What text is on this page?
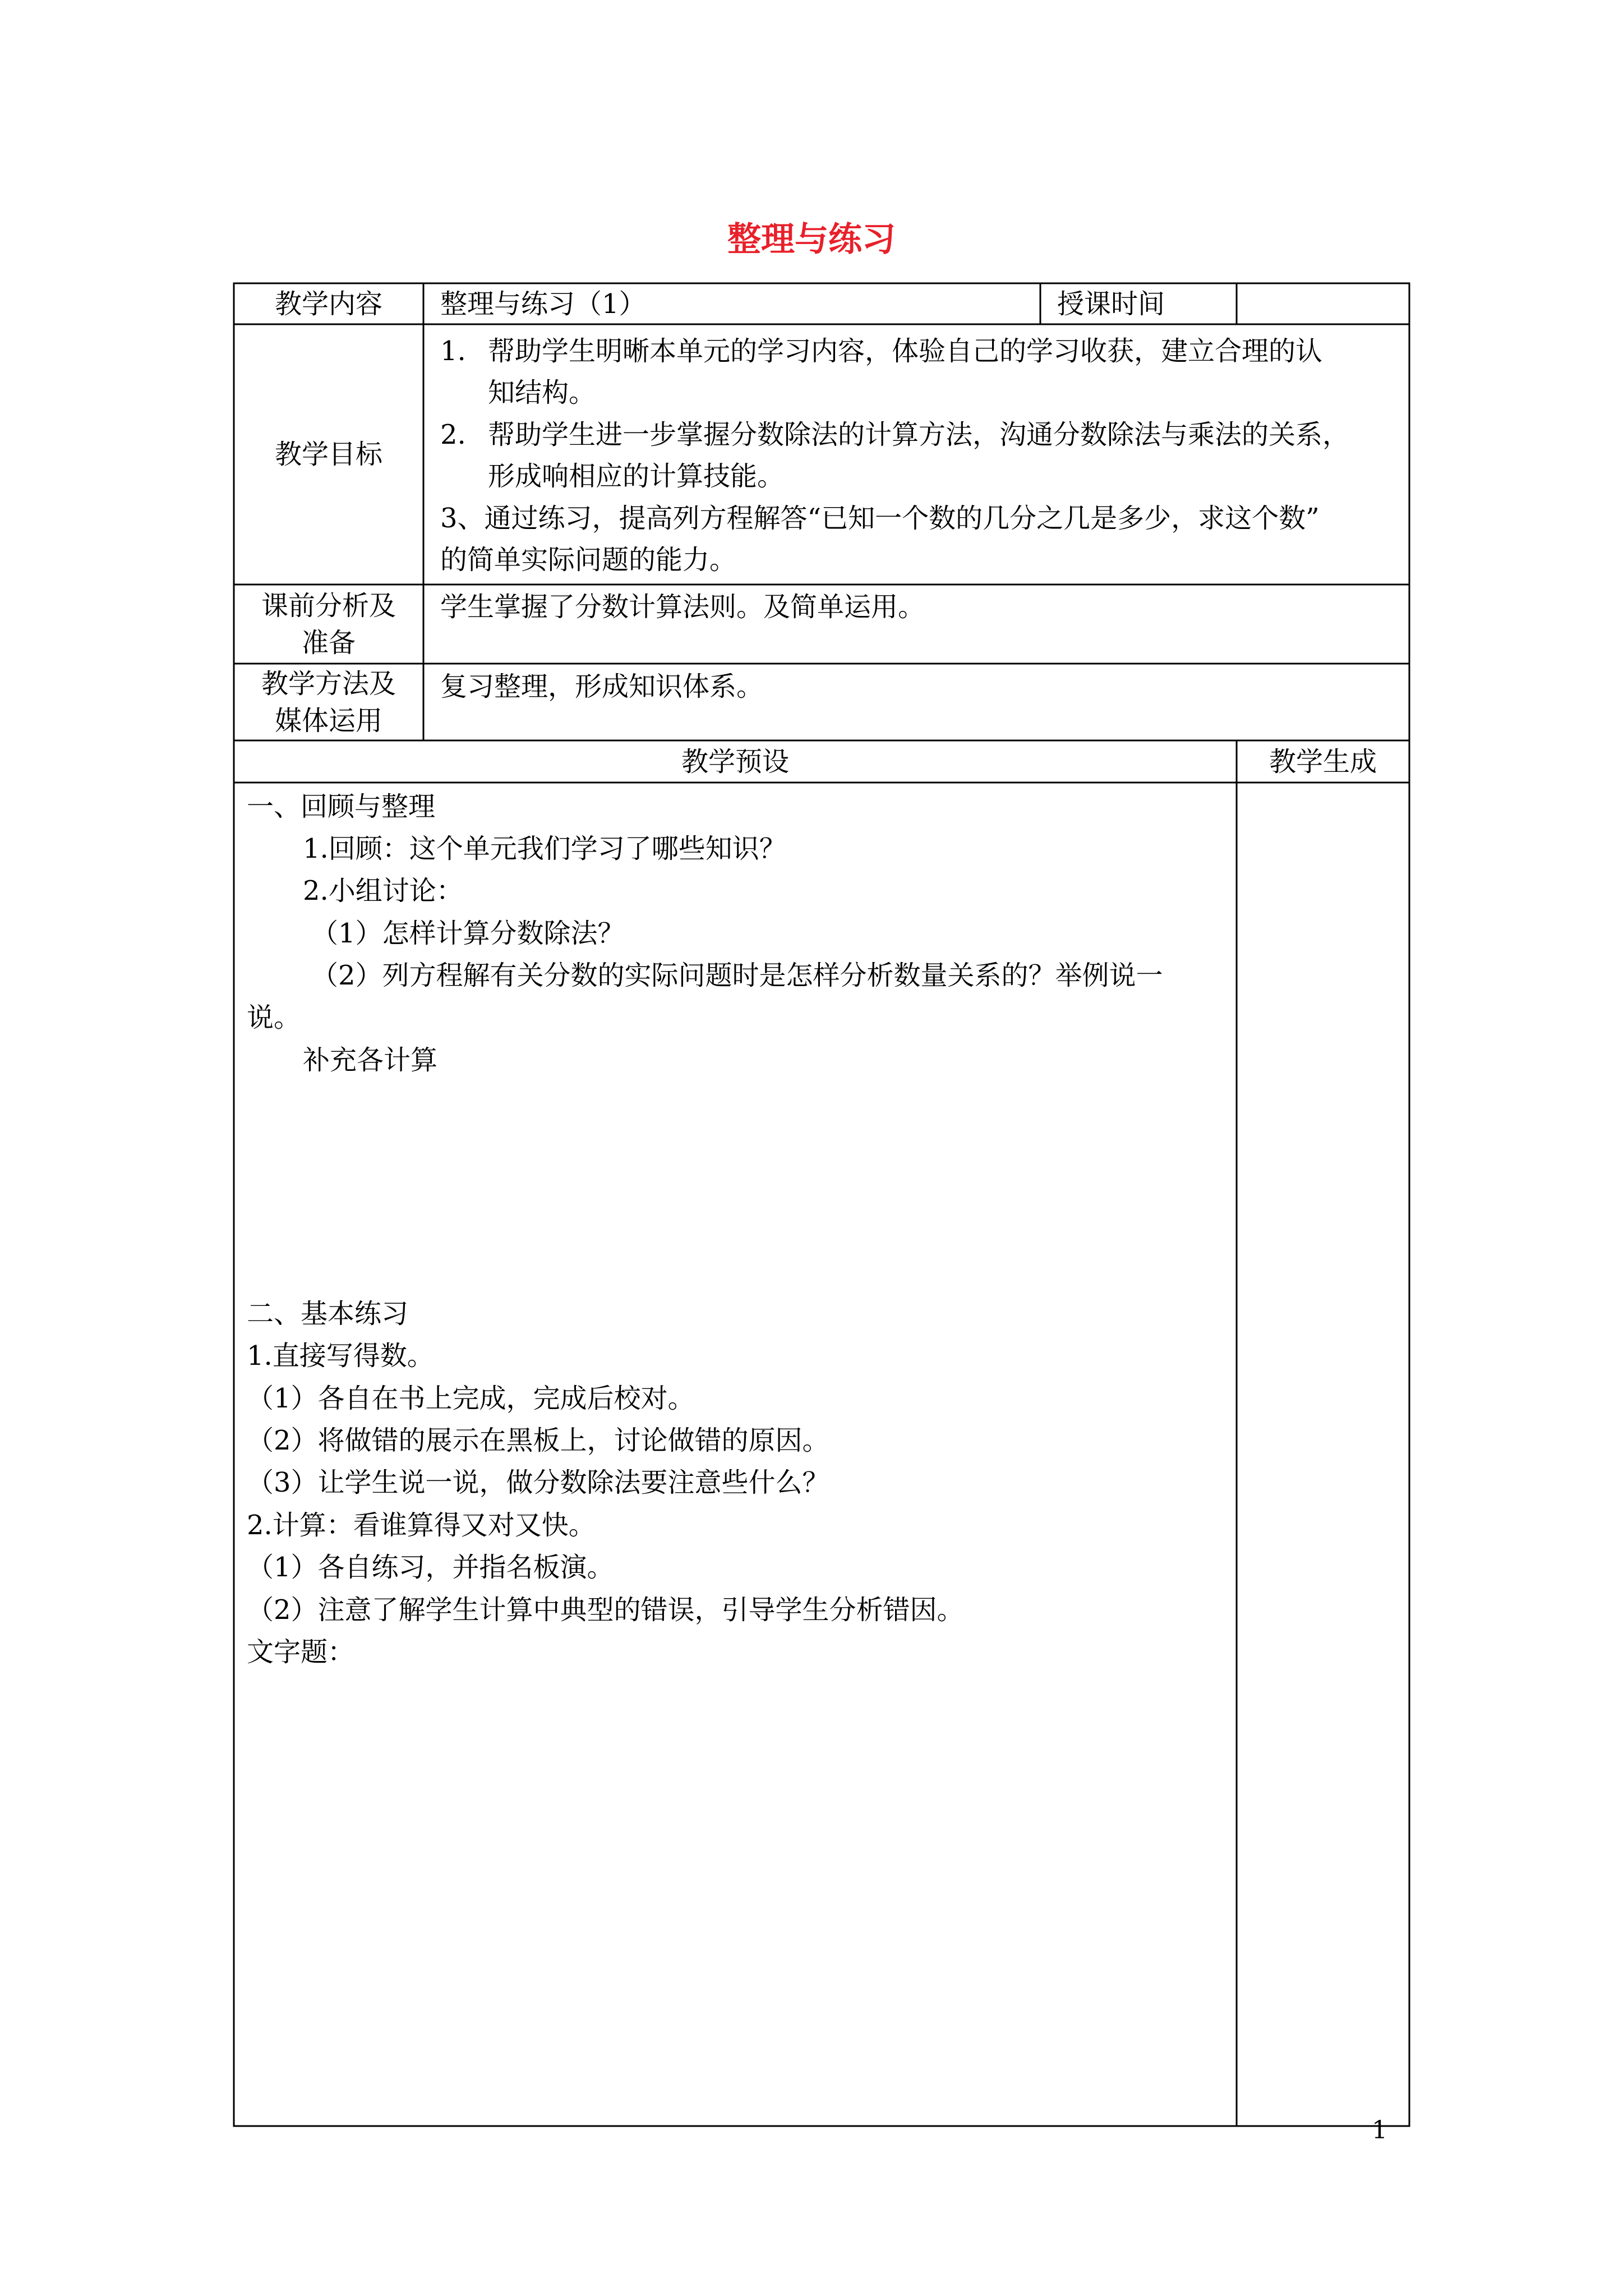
整理与练习
教学内容 整理与练习（1）	授课时间
教学目标
1. 帮助学生明晰本单元的学习内容，体验自己的学习收获，建立合理的认
知结构。
2. 帮助学生进一步掌握分数除法的计算方法，沟通分数除法与乘法的关系，
形成响相应的计算技能。
3、通过练习，提高列方程解答“已知一个数的几分之几是多少，求这个数”
的简单实际问题的能力。
课前分析及
准备
学生掌握了分数计算法则。及简单运用。
教学方法及
媒体运用
复习整理，形成知识体系。
教学预设	教学生成
一、回顾与整理
1.回顾：这个单元我们学习了哪些知识？
2.小组讨论：
（1）怎样计算分数除法？
（2）列方程解有关分数的实际问题时是怎样分析数量关系的？举例说一
说。
补充各计算
二、基本练习
1.直接写得数。
（1）各自在书上完成，完成后校对。
（2）将做错的展示在黑板上，讨论做错的原因。
（3）让学生说一说，做分数除法要注意些什么？
2.计算：看谁算得又对又快。
（1）各自练习，并指名板演。
（2）注意了解学生计算中典型的错误，引导学生分析错因。
文字题：
1
